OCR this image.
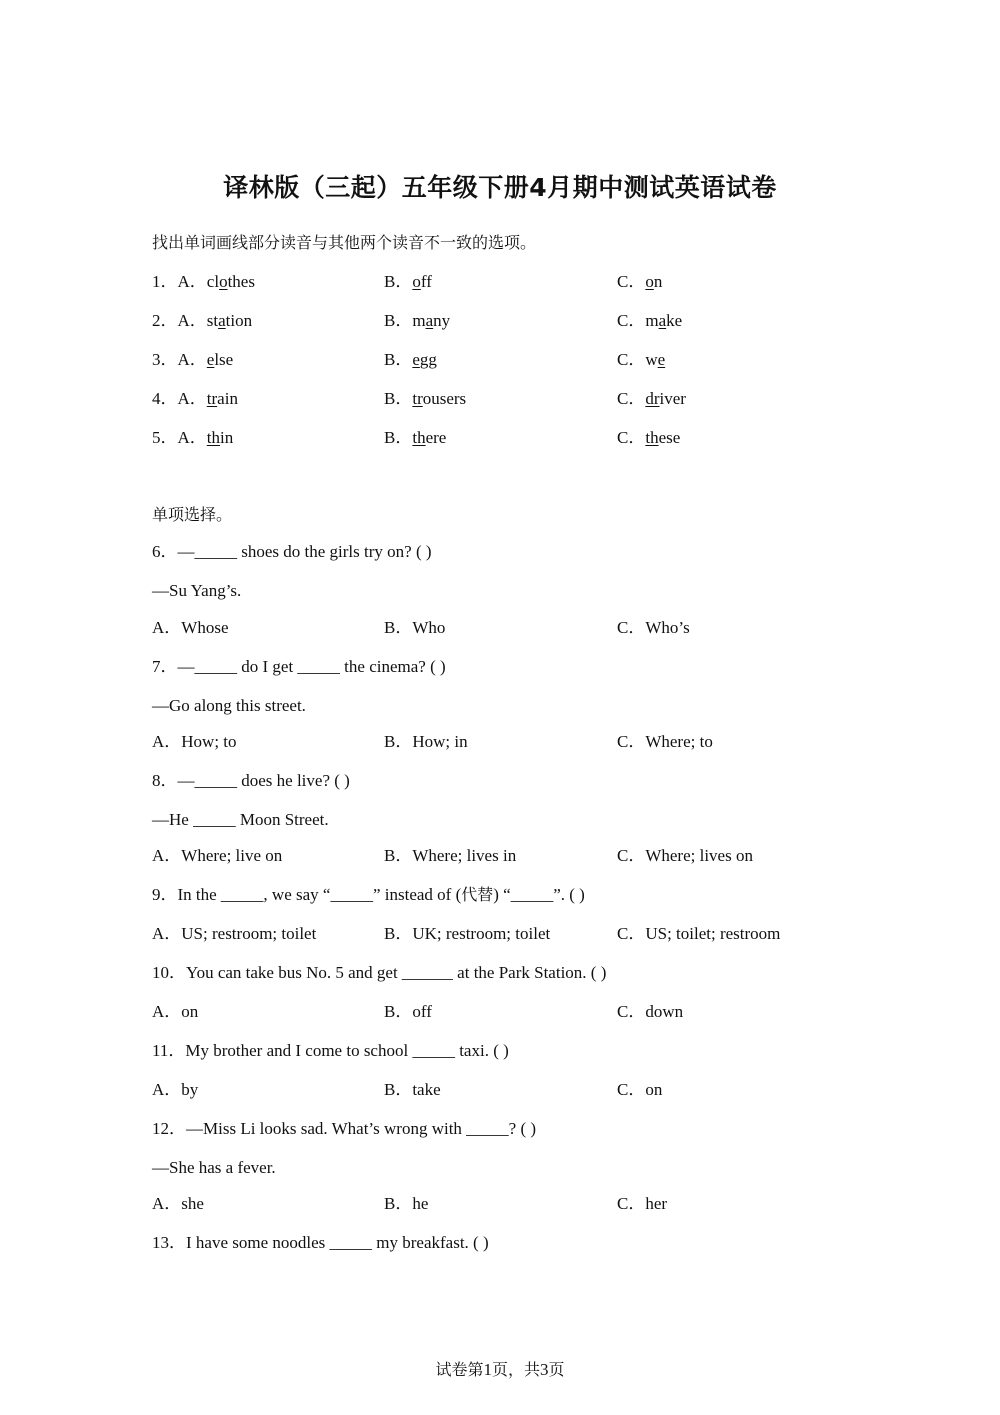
译林版（三起）五年级下册4月期中测试英语试卷
找出单词画线部分读音与其他两个读音不一致的选项。
1．A．clothes	B．off	C．on
2．A．station	B．many	C．make
3．A．else	B．egg	C．we
4．A．train	B．trousers	C．driver
5．A．thin	B．there	C．these
单项选择。
6．—_____ shoes do the girls try on? ( )
—Su Yang’s.
A．Whose	B．Who	C．Who’s
7．—_____ do I get _____ the cinema? ( )
—Go along this street.
A．How; to	B．How; in	C．Where; to
8．—_____ does he live? ( )
—He _____ Moon Street.
A．Where; live on	B．Where; lives in	C．Where; lives on
9．In the _____, we say “_____” instead of (代替) “_____”. ( )
A．US; restroom; toilet	B．UK; restroom; toilet	C．US; toilet; restroom
10．You can take bus No. 5 and get ______ at the Park Station. ( )
A．on	B．off	C．down
11．My brother and I come to school _____ taxi. ( )
A．by	B．take	C．on
12．—Miss Li looks sad. What’s wrong with _____? ( )
—She has a fever.
A．she	B．he	C．her
13．I have some noodles _____ my breakfast. ( )
试卷第1页，共3页
